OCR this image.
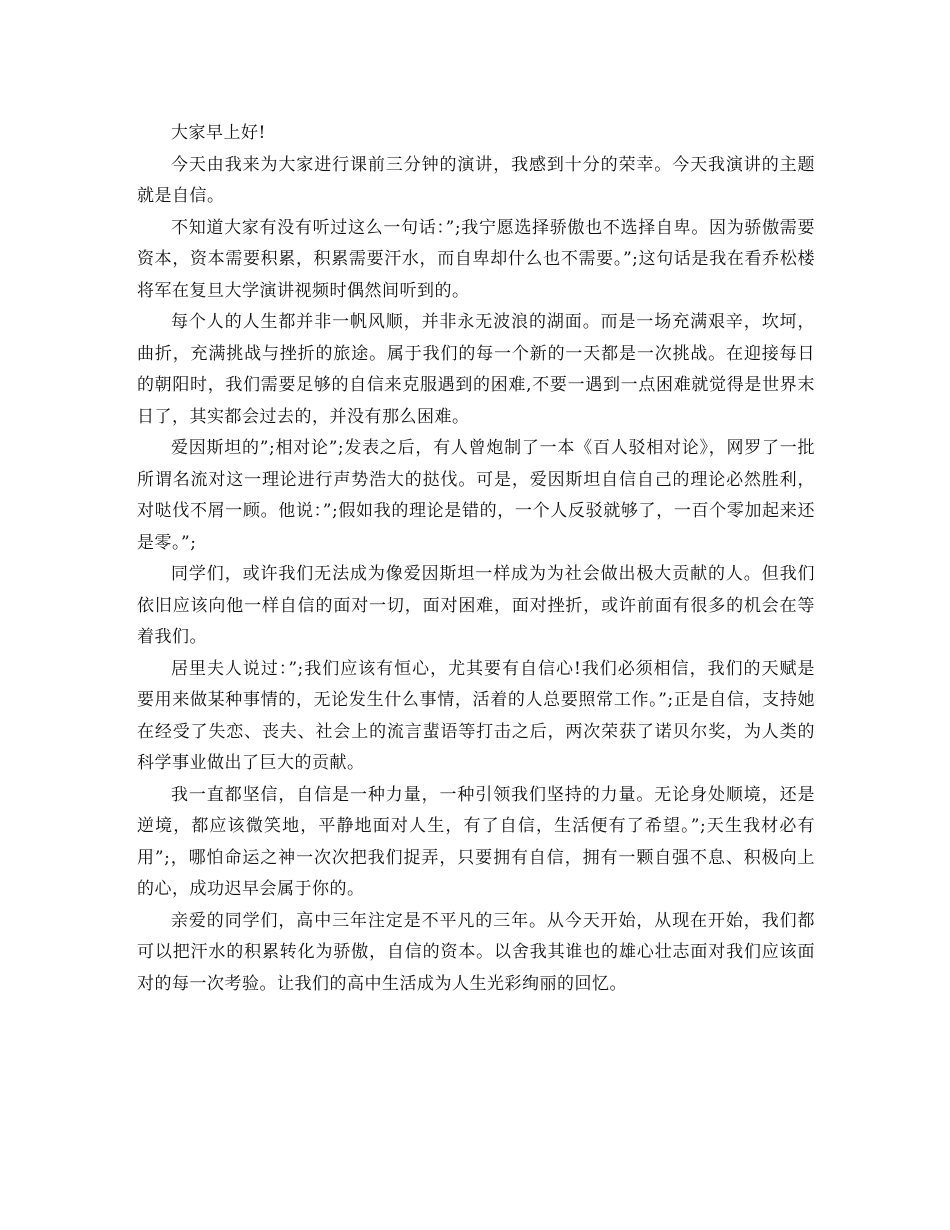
大家早上好!

今天由我来为大家进行课前三分钟的演讲，我感到十分的荣幸。今天我演讲的主题就是自信。

不知道大家有没有听过这么一句话：”;我宁愿选择骄傲也不选择自卑。因为骄傲需要资本，资本需要积累，积累需要汗水，而自卑却什么也不需要。”;这句话是我在看乔松楼将军在复旦大学演讲视频时偶然间听到的。

每个人的人生都并非一帆风顺，并非永无波浪的湖面。而是一场充满艰辛，坎坷，曲折，充满挑战与挫折的旅途。属于我们的每一个新的一天都是一次挑战。在迎接每日的朝阳时，我们需要足够的自信来克服遇到的困难,不要一遇到一点困难就觉得是世界末日了，其实都会过去的，并没有那么困难。

爱因斯坦的”;相对论”;发表之后，有人曾炮制了一本《百人驳相对论》，网罗了一批所谓名流对这一理论进行声势浩大的挞伐。可是，爱因斯坦自信自己的理论必然胜利，对哒伐不屑一顾。他说：”;假如我的理论是错的，一个人反驳就够了，一百个零加起来还是零。”;

同学们，或许我们无法成为像爱因斯坦一样成为为社会做出极大贡献的人。但我们依旧应该向他一样自信的面对一切，面对困难，面对挫折，或许前面有很多的机会在等着我们。

居里夫人说过：”;我们应该有恒心，尤其要有自信心!我们必须相信，我们的天赋是要用来做某种事情的，无论发生什么事情，活着的人总要照常工作。”;正是自信，支持她在经受了失恋、丧夫、社会上的流言蜚语等打击之后，两次荣获了诺贝尔奖，为人类的科学事业做出了巨大的贡献。

我一直都坚信，自信是一种力量，一种引领我们坚持的力量。无论身处顺境，还是逆境，都应该微笑地，平静地面对人生，有了自信，生活便有了希望。”;天生我材必有用”;，哪怕命运之神一次次把我们捉弄，只要拥有自信，拥有一颗自强不息、积极向上的心，成功迟早会属于你的。

亲爱的同学们，高中三年注定是不平凡的三年。从今天开始，从现在开始，我们都可以把汗水的积累转化为骄傲，自信的资本。以舍我其谁也的雄心壮志面对我们应该面对的每一次考验。让我们的高中生活成为人生光彩绚丽的回忆。
